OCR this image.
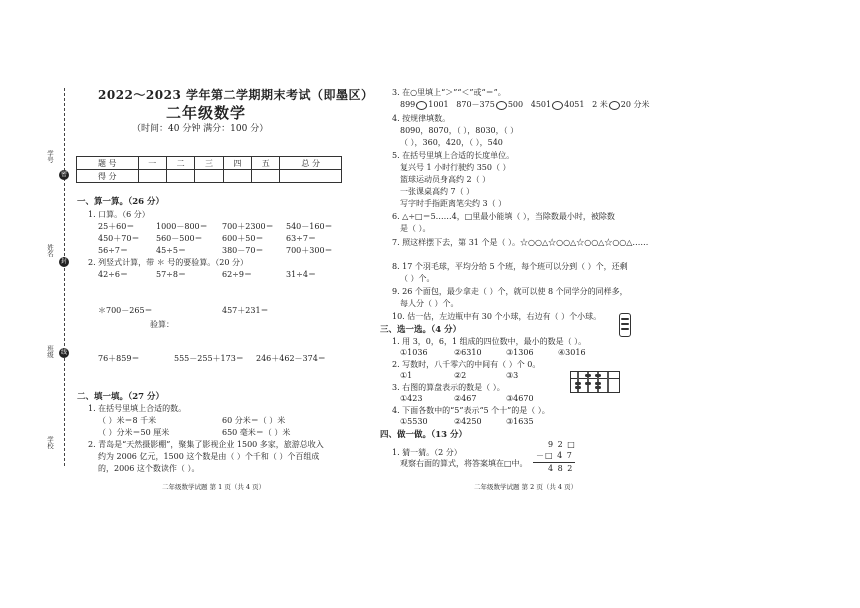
学号
姓名
班级
学校
密
封
线
2022～2023 学年第二学期期末考试（即墨区）
二年级数学
（时间：40 分钟 满分：100 分）
题 号	一	二	三	四	五	总 分
得 分						
一、算一算。（26 分）
1. 口算。（6 分）
25＋60＝	1000－800＝ 700＋2300＝ 540－160＝
450＋70＝ 560－500＝ 600＋50＝	63÷7＝
56÷7＝	45÷5＝	380－70＝	700＋300＝
2. 列竖式计算，带 ＊ 号的要验算。（20 分）
42÷6＝	57÷8＝	62÷9＝	31÷4＝
＊700－265＝	457＋231＝
验算：
76＋859＝	555－255＋173＝ 246＋462－374＝
二、填一填。（27 分）
1. 在括号里填上合适的数。
（ ）米＝8 千米	60 分米＝（ ）米
（ ）分米＝50 厘米	650 毫米＝（ ）米
2. 青岛是“天然摄影棚”，聚集了影视企业 1500 多家，旅游总收入
约为 2006 亿元，1500 这个数是由（ ）个千和（ ）个百组成
的，2006 这个数读作（ ）。
二年级数学试题 第 1 页（共 4 页）
3. 在○里填上“＞”“＜”或“＝”。
899 1001 870－375 500 4501 4051 2 米 20 分米
4. 按规律填数。
8090，8070，（ ），8030，（ ）
（ ），360，420，（ ），540
5. 在括号里填上合适的长度单位。
复兴号 1 小时行驶约 350（ ）
篮球运动员身高约 2（ ）
一张课桌高约 7（ ）
写字时手指距离笔尖约 3（ ）
6. △÷□＝5……4，□里最小能填（ ），当除数最小时，被除数
是（ ）。
7. 照这样摆下去，第 31 个是（ ）。☆○○△☆○○△☆○○△☆○○△……
8. 17 个羽毛球，平均分给 5 个班，每个班可以分到（ ）个，还剩
（ ）个。
9. 26 个面包，最少拿走（ ）个，就可以使 8 个同学分的同样多，
每人分（ ）个。
10. 估一估，左边瓶中有 30 个小球，右边有（ ）个小球。
三、选一选。（4 分）
1. 用 3，0，6，1 组成的四位数中，最小的数是（ ）。
①1036	②6310	③1306	④3016
2. 写数时，八千零六的中间有（ ）个 0。
①1	②2	③3
3. 右图的算盘表示的数是（ ）。
①423	②467	③4670
4. 下面各数中的“5”表示“5 个十”的是（ ）。
①5530	②4250	③1635
四、做一做。（13 分）
1. 猜一猜。（2 分）
观察右面的算式，将答案填在□中。
9 2 □
－□ 4 7
4 8 2
二年级数学试题 第 2 页（共 4 页）
